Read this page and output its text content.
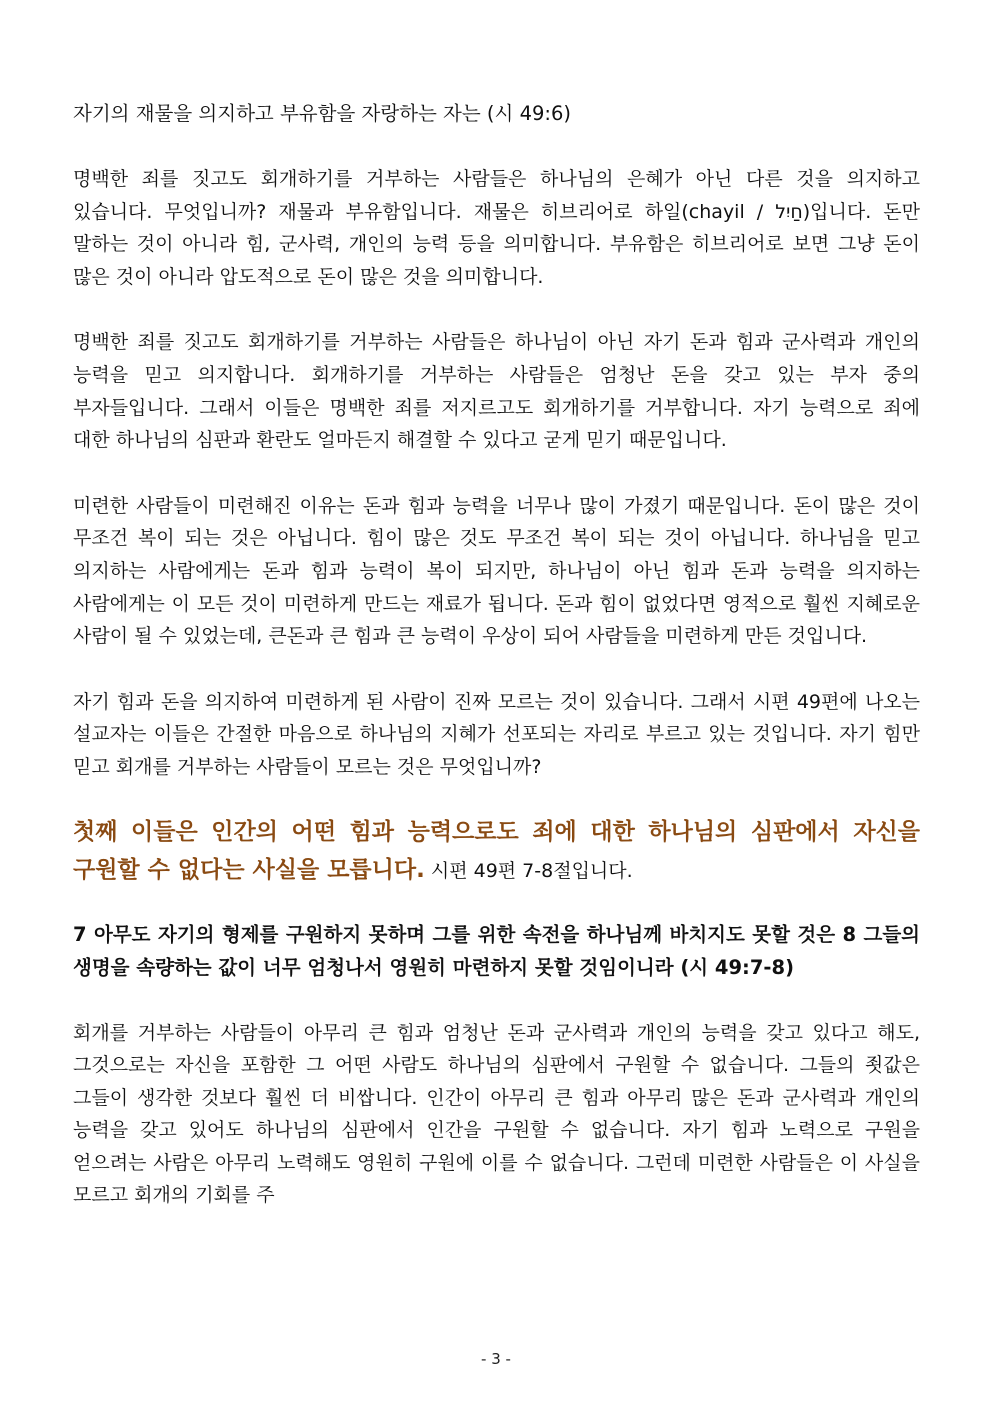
자기의 재물을 의지하고 부유함을 자랑하는 자는 (시 49:6)

명백한 죄를 짓고도 회개하기를 거부하는 사람들은 하나님의 은혜가 아닌 다른 것을 의지하고 있습니다. 무엇입니까? 재물과 부유함입니다. 재물은 히브리어로 하일(chayil / חַיִל)입니다. 돈만 말하는 것이 아니라 힘, 군사력, 개인의 능력 등을 의미합니다. 부유함은 히브리어로 보면 그냥 돈이 많은 것이 아니라 압도적으로 돈이 많은 것을 의미합니다.

명백한 죄를 짓고도 회개하기를 거부하는 사람들은 하나님이 아닌 자기 돈과 힘과 군사력과 개인의 능력을 믿고 의지합니다. 회개하기를 거부하는 사람들은 엄청난 돈을 갖고 있는 부자 중의 부자들입니다. 그래서 이들은 명백한 죄를 저지르고도 회개하기를 거부합니다. 자기 능력으로 죄에 대한 하나님의 심판과 환란도 얼마든지 해결할 수 있다고 굳게 믿기 때문입니다.

미련한 사람들이 미련해진 이유는 돈과 힘과 능력을 너무나 많이 가졌기 때문입니다. 돈이 많은 것이 무조건 복이 되는 것은 아닙니다. 힘이 많은 것도 무조건 복이 되는 것이 아닙니다. 하나님을 믿고 의지하는 사람에게는 돈과 힘과 능력이 복이 되지만, 하나님이 아닌 힘과 돈과 능력을 의지하는 사람에게는 이 모든 것이 미련하게 만드는 재료가 됩니다. 돈과 힘이 없었다면 영적으로 훨씬 지혜로운 사람이 될 수 있었는데, 큰돈과 큰 힘과 큰 능력이 우상이 되어 사람들을 미련하게 만든 것입니다.

자기 힘과 돈을 의지하여 미련하게 된 사람이 진짜 모르는 것이 있습니다. 그래서 시편 49편에 나오는 설교자는 이들은 간절한 마음으로 하나님의 지혜가 선포되는 자리로 부르고 있는 것입니다. 자기 힘만 믿고 회개를 거부하는 사람들이 모르는 것은 무엇입니까?

첫째 이들은 인간의 어떤 힘과 능력으로도 죄에 대한 하나님의 심판에서 자신을 구원할 수 없다는 사실을 모릅니다. 시편 49편 7-8절입니다.

7 아무도 자기의 형제를 구원하지 못하며 그를 위한 속전을 하나님께 바치지도 못할 것은 8 그들의 생명을 속량하는 값이 너무 엄청나서 영원히 마련하지 못할 것임이니라 (시 49:7-8)

회개를 거부하는 사람들이 아무리 큰 힘과 엄청난 돈과 군사력과 개인의 능력을 갖고 있다고 해도, 그것으로는 자신을 포함한 그 어떤 사람도 하나님의 심판에서 구원할 수 없습니다. 그들의 죗값은 그들이 생각한 것보다 훨씬 더 비쌉니다. 인간이 아무리 큰 힘과 아무리 많은 돈과 군사력과 개인의 능력을 갖고 있어도 하나님의 심판에서 인간을 구원할 수 없습니다. 자기 힘과 노력으로 구원을 얻으려는 사람은 아무리 노력해도 영원히 구원에 이를 수 없습니다. 그런데 미련한 사람들은 이 사실을 모르고 회개의 기회를 주

- 3 -
